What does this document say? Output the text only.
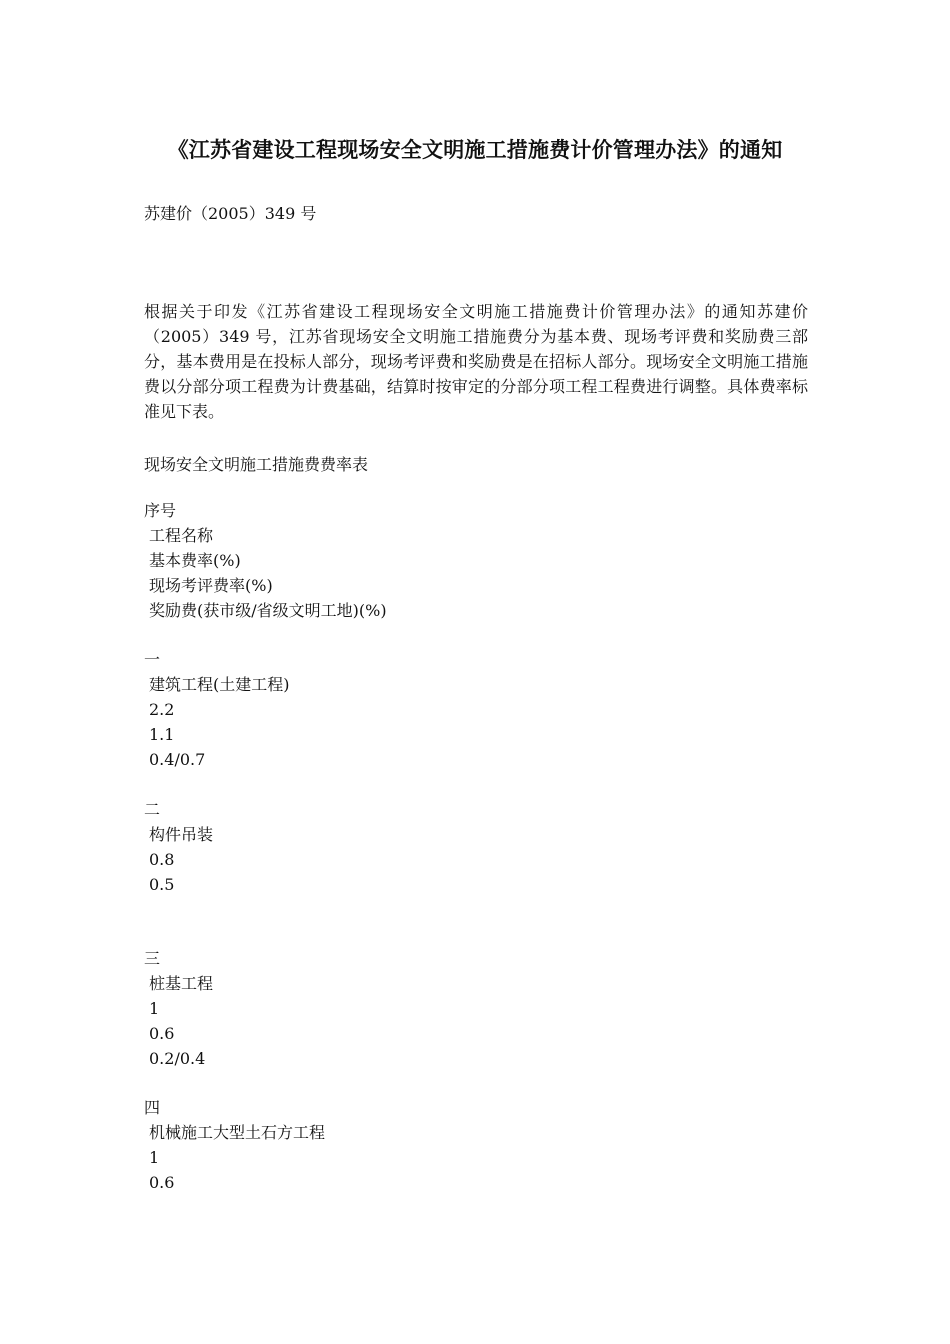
《江苏省建设工程现场安全文明施工措施费计价管理办法》的通知

苏建价（2005）349 号

根据关于印发《江苏省建设工程现场安全文明施工措施费计价管理办法》的通知苏建价（2005）349 号，江苏省现场安全文明施工措施费分为基本费、现场考评费和奖励费三部分，基本费用是在投标人部分，现场考评费和奖励费是在招标人部分。现场安全文明施工措施费以分部分项工程费为计费基础，结算时按审定的分部分项工程工程费进行调整。具体费率标准见下表。

现场安全文明施工措施费费率表

序号
工程名称
基本费率(%)
现场考评费率(%)
奖励费(获市级/省级文明工地)(%)
一
建筑工程(土建工程)
2.2
1.1
0.4/0.7
二
构件吊装
0.8
0.5
三
桩基工程
1
0.6
0.2/0.4
四
机械施工大型土石方工程
1
0.6
